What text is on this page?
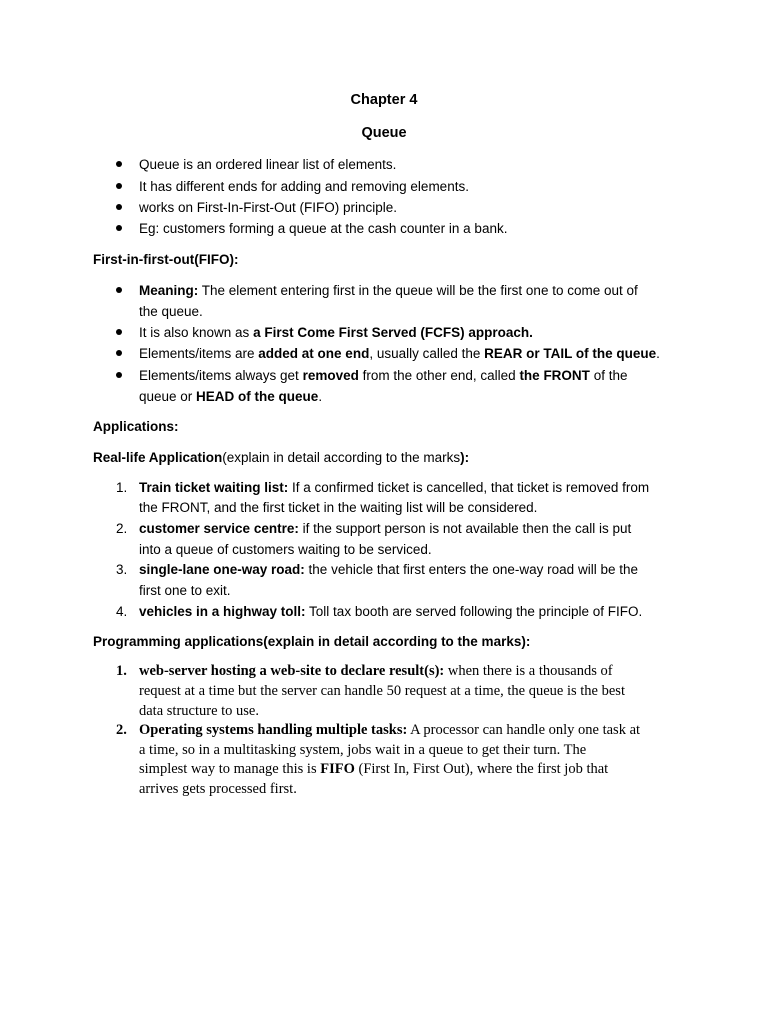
Chapter 4
Queue
Queue is an ordered linear list of elements.
It has different ends for adding and removing elements.
works on First-In-First-Out (FIFO) principle.
Eg: customers forming a queue at the cash counter in a bank.
First-in-first-out(FIFO):
Meaning: The element entering first in the queue will be the first one to come out of
the queue.
It is also known as a First Come First Served (FCFS) approach.
Elements/items are added at one end, usually called the REAR or TAIL of the queue.
Elements/items always get removed from the other end, called the FRONT of the
queue or HEAD of the queue.
Applications:
Real-life Application(explain in detail according to the marks):
1. Train ticket waiting list: If a confirmed ticket is cancelled, that ticket is removed from
the FRONT, and the first ticket in the waiting list will be considered.
2. customer service centre: if the support person is not available then the call is put
into a queue of customers waiting to be serviced.
3. single-lane one-way road: the vehicle that first enters the one-way road will be the
first one to exit.
4. vehicles in a highway toll: Toll tax booth are served following the principle of FIFO.
Programming applications(explain in detail according to the marks):
1. web-server hosting a web-site to declare result(s): when there is a thousands of
request at a time but the server can handle 50 request at a time, the queue is the best
data structure to use.
2. Operating systems handling multiple tasks: A processor can handle only one task at
a time, so in a multitasking system, jobs wait in a queue to get their turn. The
simplest way to manage this is FIFO (First In, First Out), where the first job that
arrives gets processed first.
